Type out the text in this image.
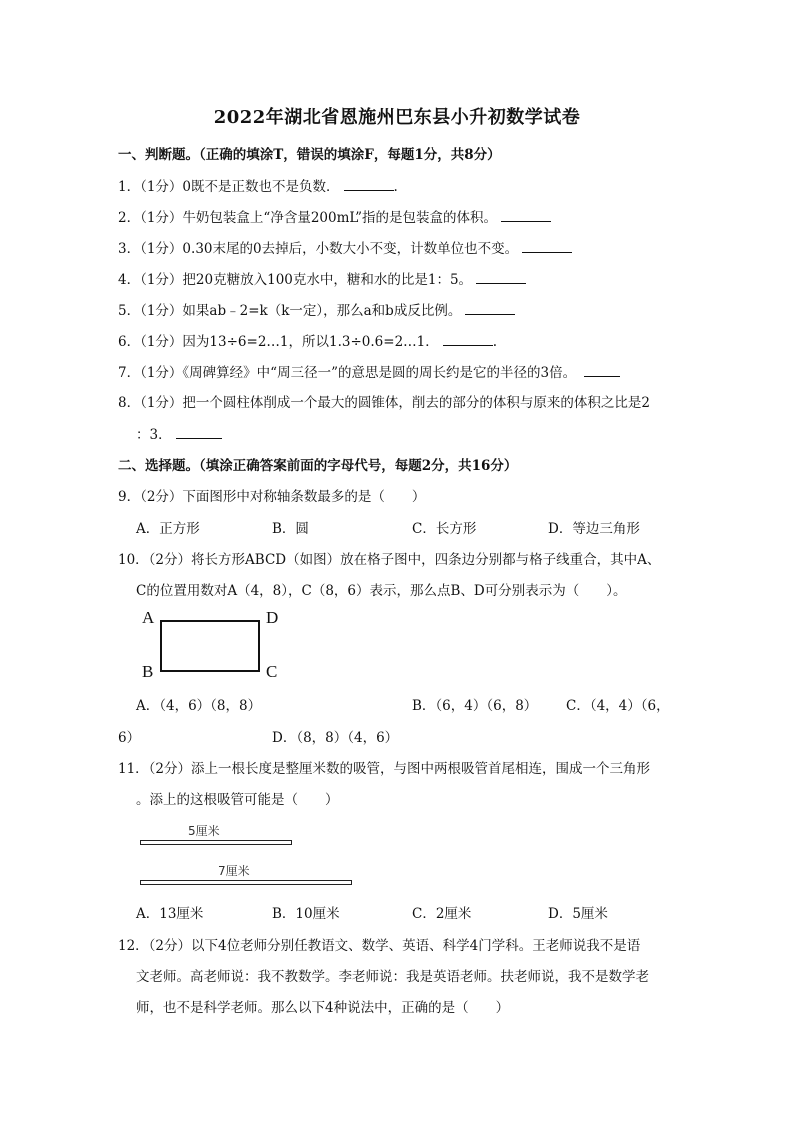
2022年湖北省恩施州巴东县小升初数学试卷
一、判断题。（正确的填涂T，错误的填涂F，每题1分，共8分）
1．（1分）0既不是正数也不是负数．	.
2．（1分）牛奶包装盒上“净含量200mL”指的是包装盒的体积。
3．（1分）0.30末尾的0去掉后，小数大小不变，计数单位也不变。
4．（1分）把20克糖放入100克水中，糖和水的比是1：5。
5．（1分）如果ab﹣2=k（k一定），那么a和b成反比例。
6．（1分）因为13÷6=2…1，所以1.3÷0.6=2…1．	.
7．（1分）《周碑算经》中“周三径一”的意思是圆的周长约是它的半径的3倍。
8．（1分）把一个圆柱体削成一个最大的圆锥体，削去的部分的体积与原来的体积之比是2
：3．
二、选择题。（填涂正确答案前面的字母代号，每题2分，共16分）
9．（2分）下面图形中对称轴条数最多的是（　　）
A．正方形	B．圆	C．长方形	D．等边三角形
10．（2分）将长方形ABCD（如图）放在格子图中，四条边分别都与格子线重合，其中A、
C的位置用数对A（4，8），C（8，6）表示，那么点B、D可分别表示为（　　）。
A	D
B	C
A．（4，6）（8，8）	B．（6，4）（6，8） C．（4，4）（6，
6）	D．（8，8）（4，6）
11．（2分）添上一根长度是整厘米数的吸管，与图中两根吸管首尾相连，围成一个三角形
。添上的这根吸管可能是（　　）
5厘米
7厘米
A．13厘米	B．10厘米	C．2厘米	D．5厘米
12．（2分）以下4位老师分别任教语文、数学、英语、科学4门学科。王老师说我不是语
文老师。高老师说：我不教数学。李老师说：我是英语老师。扶老师说，我不是数学老
师，也不是科学老师。那么以下4种说法中，正确的是（　　）
